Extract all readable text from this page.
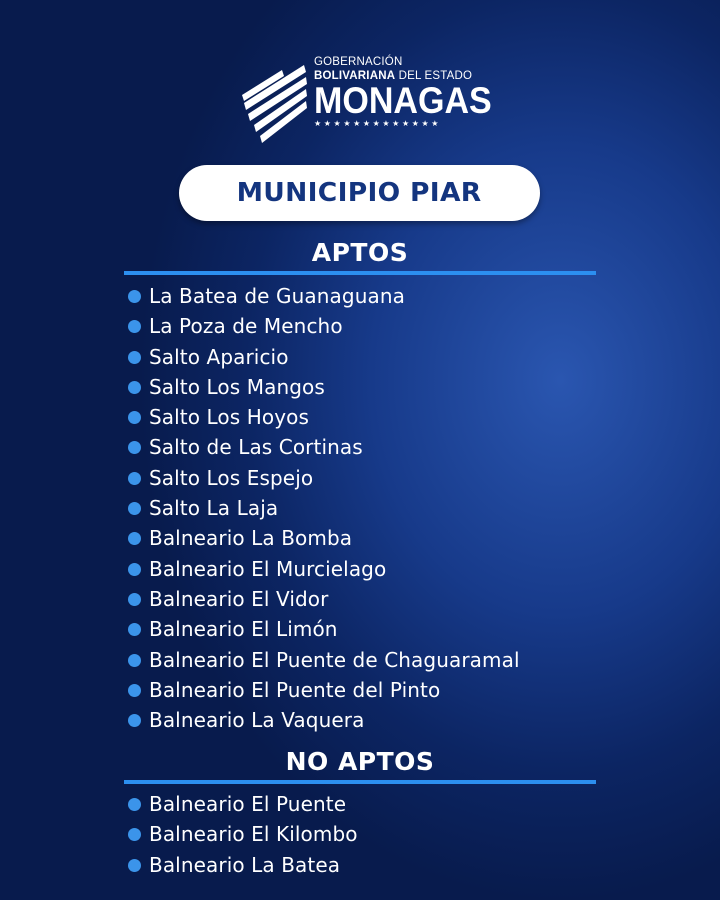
GOBERNACIÓN
BOLIVARIANA DEL ESTADO
MONAGAS
★★★★★★★★★★★★★
MUNICIPIO PIAR
APTOS
La Batea de Guanaguana
La Poza de Mencho
Salto Aparicio
Salto Los Mangos
Salto Los Hoyos
Salto de Las Cortinas
Salto Los Espejo
Salto La Laja
Balneario La Bomba
Balneario El Murcielago
Balneario El Vidor
Balneario El Limón
Balneario El Puente de Chaguaramal
Balneario El Puente del Pinto
Balneario La Vaquera
NO APTOS
Balneario El Puente
Balneario El Kilombo
Balneario La Batea
